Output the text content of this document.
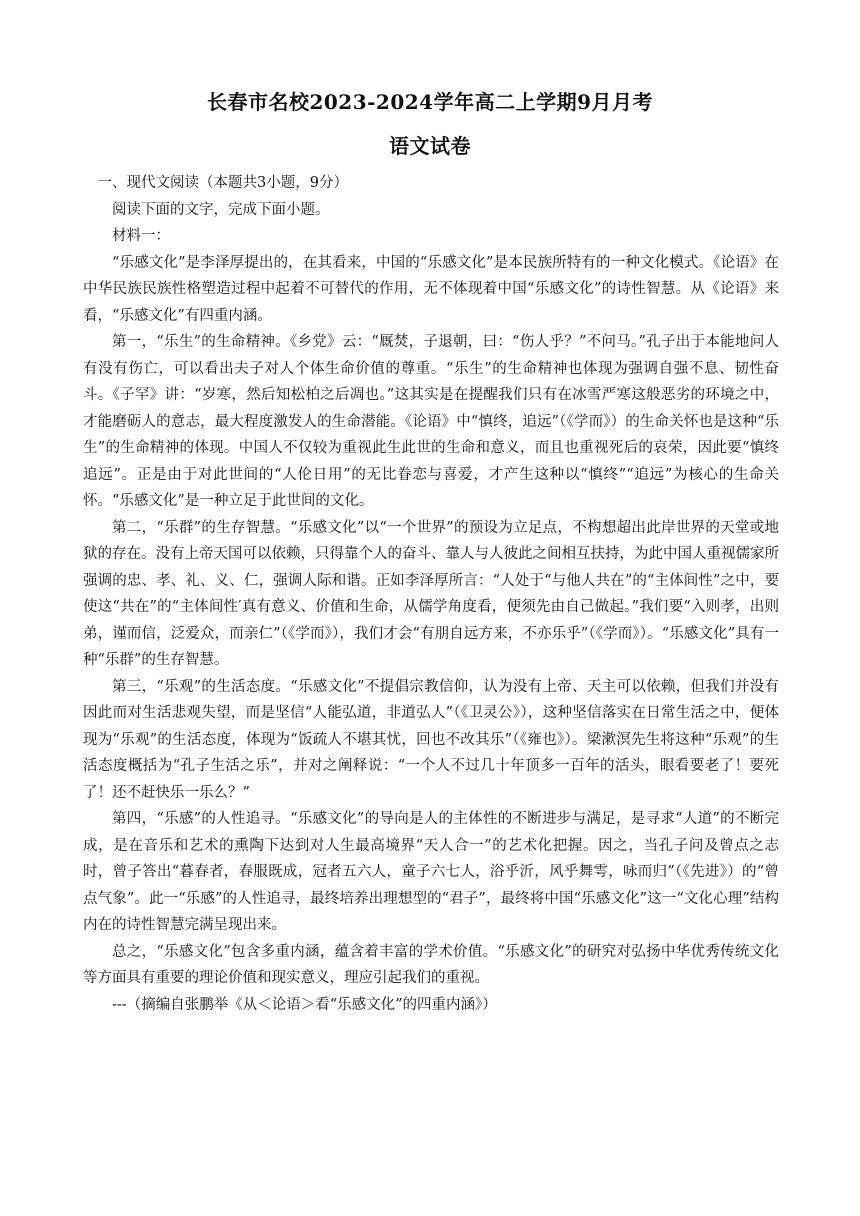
长春市名校2023-2024学年高二上学期9月月考
语文试卷

一、现代文阅读（本题共3小题，9分）

阅读下面的文字，完成下面小题。

材料一：

“乐感文化”是李泽厚提出的，在其看来，中国的“乐感文化”是本民族所特有的一种文化模式。《论语》在中华民族民族性格塑造过程中起着不可替代的作用，无不体现着中国“乐感文化”的诗性智慧。从《论语》来看，“乐感文化”有四重内涵。

第一，“乐生”的生命精神。《乡党》云：“厩焚，子退朝，曰：“伤人乎？”不问马。”孔子出于本能地问人有没有伤亡，可以看出夫子对人个体生命价值的尊重。“乐生”的生命精神也体现为强调自强不息、韧性奋斗。《子罕》讲：“岁寒，然后知松柏之后凋也。”这其实是在提醒我们只有在冰雪严寒这般恶劣的环境之中，才能磨砺人的意志，最大程度激发人的生命潜能。《论语》中“慎终，追远”（《学而》）的生命关怀也是这种“乐生”的生命精神的体现。中国人不仅较为重视此生此世的生命和意义，而且也重视死后的哀荣，因此要“慎终追远”。正是由于对此世间的“人伦日用”的无比眷恋与喜爱，才产生这种以“慎终”“追远”为核心的生命关怀。“乐感文化”是一种立足于此世间的文化。

第二，“乐群”的生存智慧。“乐感文化”以“一个世界”的预设为立足点，不构想超出此岸世界的天堂或地狱的存在。没有上帝天国可以依赖，只得靠个人的奋斗、靠人与人彼此之间相互扶持，为此中国人重视儒家所强调的忠、孝、礼、义、仁，强调人际和谐。正如李泽厚所言：“人处于“与他人共在”的“主体间性”之中，要使这“共在”的“主体间性′真有意义、价值和生命，从儒学角度看，便须先由自己做起。”我们要“入则孝，出则弟，谨而信，泛爱众，而亲仁”（《学而》），我们才会“有朋自远方来，不亦乐乎”（《学而》）。“乐感文化”具有一种“乐群”的生存智慧。

第三，“乐观”的生活态度。“乐感文化”不提倡宗教信仰，认为没有上帝、天主可以依赖，但我们并没有因此而对生活悲观失望，而是坚信“人能弘道，非道弘人”（《卫灵公》），这种坚信落实在日常生活之中，便体现为“乐观”的生活态度，体现为“饭疏人不堪其忧，回也不改其乐”（《雍也》）。梁漱溟先生将这种“乐观”的生活态度概括为“孔子生活之乐”，并对之阐释说：“一个人不过几十年顶多一百年的活头，眼看要老了！要死了！还不赶快乐一乐么？”

第四，“乐感”的人性追寻。“乐感文化”的导向是人的主体性的不断进步与满足，是寻求“人道”的不断完成，是在音乐和艺术的熏陶下达到对人生最高境界“天人合一”的艺术化把握。因之，当孔子问及曾点之志时，曾子答出“暮春者，春服既成，冠者五六人，童子六七人，浴乎沂，风乎舞雩，咏而归”（《先进》）的“曾点气象”。此一“乐感”的人性追寻，最终培养出理想型的“君子”，最终将中国“乐感文化”这一“文化心理”结构内在的诗性智慧完满呈现出来。

总之，“乐感文化”包含多重内涵，蕴含着丰富的学术价值。“乐感文化”的研究对弘扬中华优秀传统文化等方面具有重要的理论价值和现实意义，理应引起我们的重视。

---（摘编自张鹏举《从＜论语＞看“乐感文化”的四重内涵》）
